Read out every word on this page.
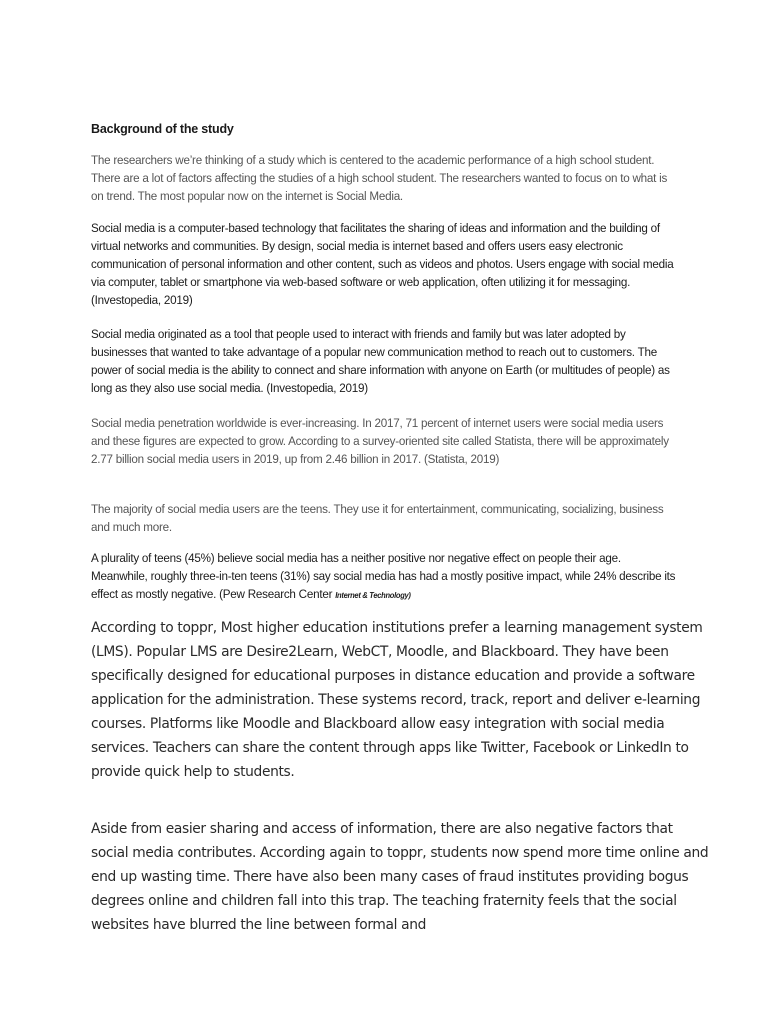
Background of the study

The researchers we’re thinking of a study which is centered to the academic performance of a high school student. There are a lot of factors affecting the studies of a high school student. The researchers wanted to focus on to what is on trend. The most popular now on the internet is Social Media.

Social media is a computer-based technology that facilitates the sharing of ideas and information and the building of virtual networks and communities. By design, social media is internet based and offers users easy electronic communication of personal information and other content, such as videos and photos. Users engage with social media via computer, tablet or smartphone via web-based software or web application, often utilizing it for messaging. (Investopedia, 2019)

Social media originated as a tool that people used to interact with friends and family but was later adopted by businesses that wanted to take advantage of a popular new communication method to reach out to customers. The power of social media is the ability to connect and share information with anyone on Earth (or multitudes of people) as long as they also use social media. (Investopedia, 2019)

Social media penetration worldwide is ever-increasing. In 2017, 71 percent of internet users were social media users and these figures are expected to grow. According to a survey-oriented site called Statista, there will be approximately 2.77 billion social media users in 2019, up from 2.46 billion in 2017. (Statista, 2019)

The majority of social media users are the teens. They use it for entertainment, communicating, socializing, business and much more.

A plurality of teens (45%) believe social media has a neither positive nor negative effect on people their age. Meanwhile, roughly three-in-ten teens (31%) say social media has had a mostly positive impact, while 24% describe its effect as mostly negative. (Pew Research Center Internet & Technology)

According to toppr, Most higher education institutions prefer a learning management system (LMS). Popular LMS are Desire2Learn, WebCT, Moodle, and Blackboard. They have been specifically designed for educational purposes in distance education and provide a software application for the administration. These systems record, track, report and deliver e-learning courses. Platforms like Moodle and Blackboard allow easy integration with social media services. Teachers can share the content through apps like Twitter, Facebook or LinkedIn to provide quick help to students.

Aside from easier sharing and access of information, there are also negative factors that social media contributes. According again to toppr, students now spend more time online and end up wasting time. There have also been many cases of fraud institutes providing bogus degrees online and children fall into this trap. The teaching fraternity feels that the social websites have blurred the line between formal and
